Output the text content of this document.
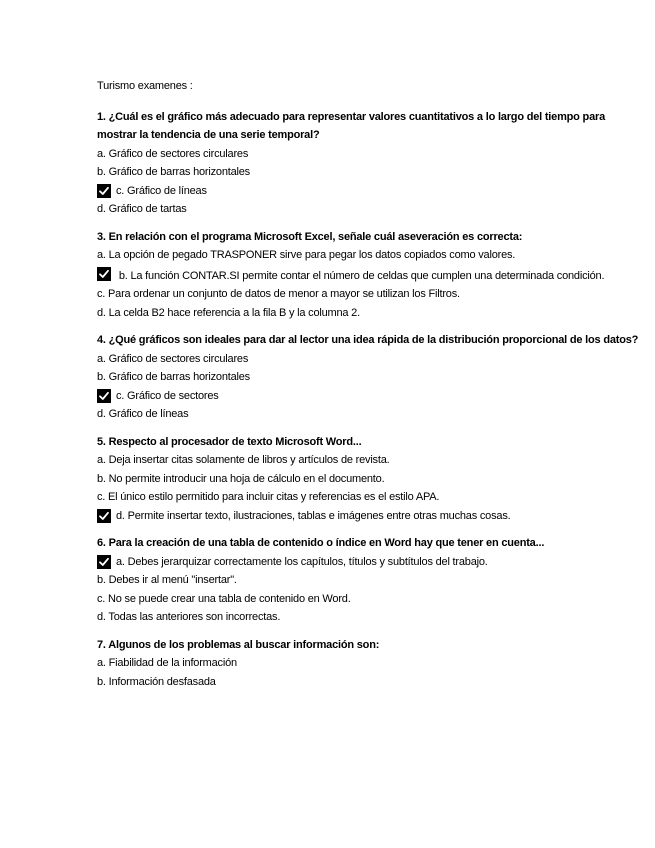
Turismo examenes :
1. ¿Cuál es el gráfico más adecuado para representar valores cuantitativos a lo largo del tiempo para mostrar la tendencia de una serie temporal?
a. Gráfico de sectores circulares
b. Gráfico de barras horizontales
c. Gráfico de líneas
d. Gráfico de tartas
3. En relación con el programa Microsoft Excel, señale cuál aseveración es correcta:
a. La opción de pegado TRASPONER sirve para pegar los datos copiados como valores.
b. La función CONTAR.SI permite contar el número de celdas que cumplen una determinada condición.
c. Para ordenar un conjunto de datos de menor a mayor se utilizan los Filtros.
d. La celda B2 hace referencia a la fila B y la columna 2.
4. ¿Qué gráficos son ideales para dar al lector una idea rápida de la distribución proporcional de los datos?
a. Gráfico de sectores circulares
b. Gráfico de barras horizontales
c. Gráfico de sectores
d. Gráfico de líneas
5. Respecto al procesador de texto Microsoft Word...
a. Deja insertar citas solamente de libros y artículos de revista.
b. No permite introducir una hoja de cálculo en el documento.
c. El único estilo permitido para incluir citas y referencias es el estilo APA.
d. Permite insertar texto, ilustraciones, tablas e imágenes entre otras muchas cosas.
6. Para la creación de una tabla de contenido o índice en Word hay que tener en cuenta...
a. Debes jerarquizar correctamente los capítulos, títulos y subtítulos del trabajo.
b. Debes ir al menú "insertar".
c. No se puede crear una tabla de contenido en Word.
d. Todas las anteriores son incorrectas.
7. Algunos de los problemas al buscar información son:
a. Fiabilidad de la información
b. Información desfasada
